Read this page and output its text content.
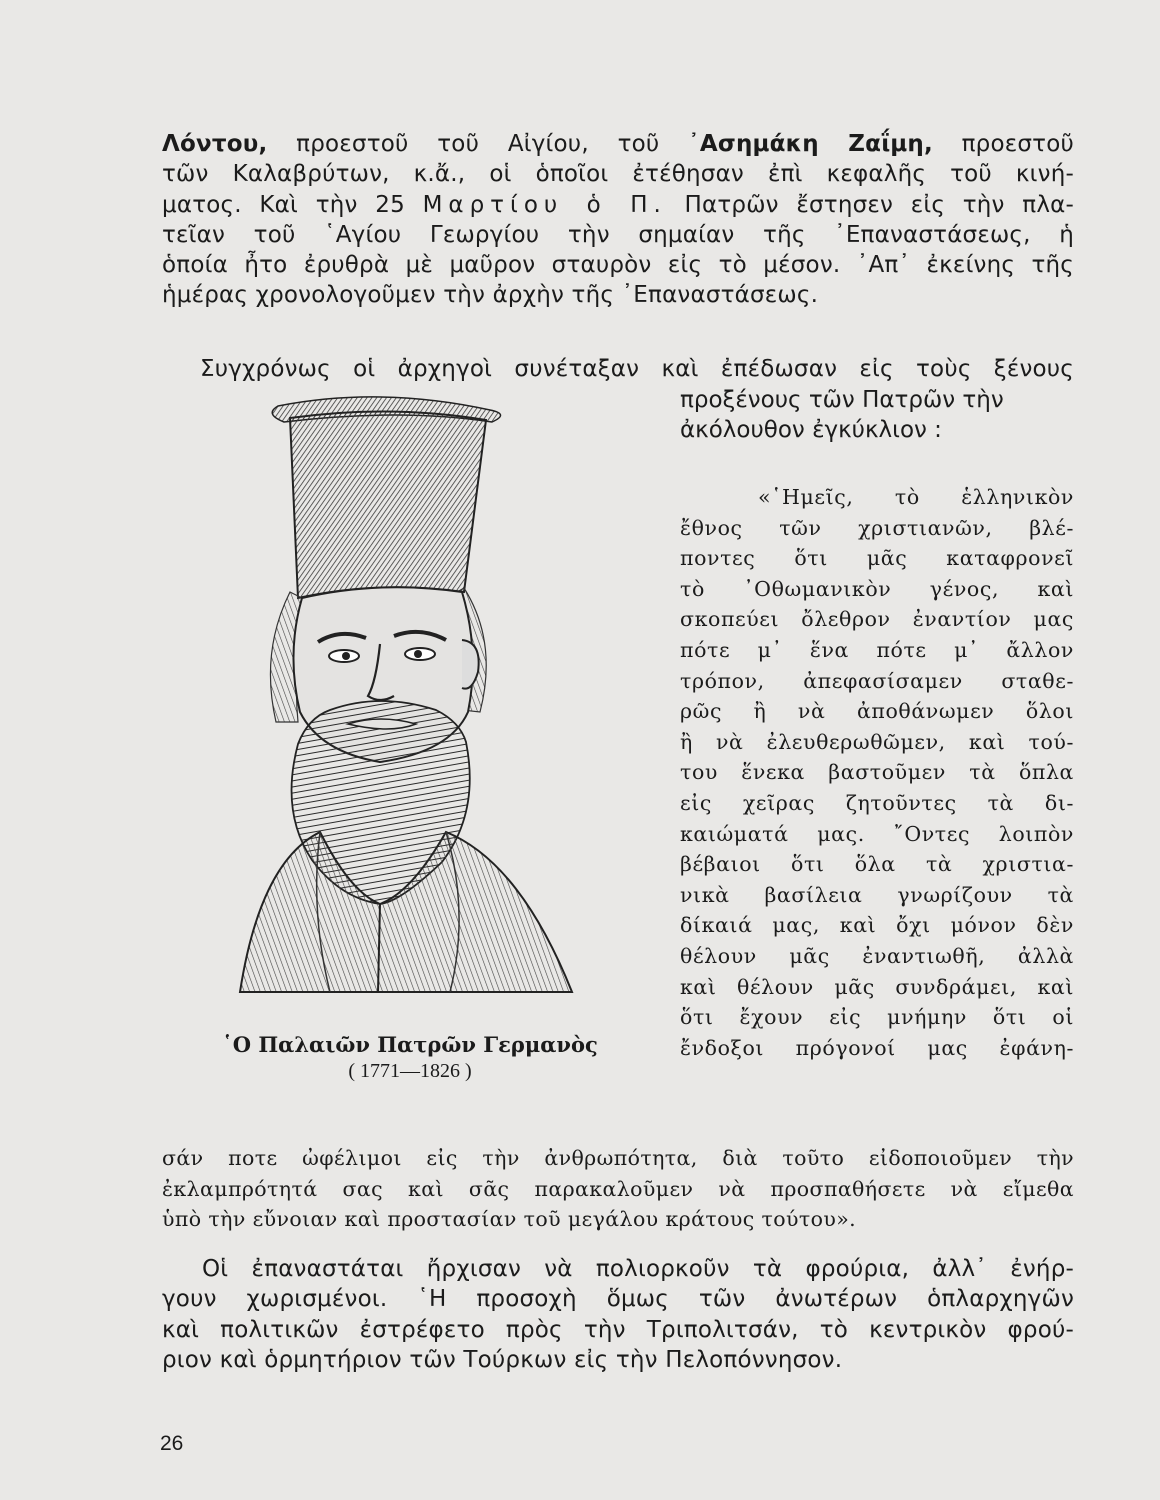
Λόντου, προεστοῦ τοῦ Αἰγίου, τοῦ ᾿Ασημάκη Ζαΐμη, προεστοῦ
τῶν Καλαβρύτων, κ.ἄ., οἱ ὁποῖοι ἐτέθησαν ἐπὶ κεφαλῆς τοῦ κινή-
ματος. Καὶ τὴν 25 Μαρτίου ὁ Π. Πατρῶν ἔστησεν εἰς τὴν πλα-
τεῖαν τοῦ ῾Αγίου Γεωργίου τὴν σημαίαν τῆς ᾿Επαναστάσεως, ἡ
ὁποία ἦτο ἐρυθρὰ μὲ μαῦρον σταυρὸν εἰς τὸ μέσον. ᾿Απ᾿ ἐκείνης τῆς
ἡμέρας χρονολογοῦμεν τὴν ἀρχὴν τῆς ᾿Επαναστάσεως.
Συγχρόνως οἱ ἀρχηγοὶ συνέταξαν καὶ ἐπέδωσαν εἰς τοὺς ξένους
προξένους τῶν Πατρῶν τὴν
ἀκόλουθον ἐγκύκλιον :
῾Ο Παλαιῶν Πατρῶν Γερμανὸς
( 1771—1826 )
«῾Ημεῖς, τὸ ἑλληνικὸν
ἔθνος τῶν χριστιανῶν, βλέ-
ποντες ὅτι μᾶς καταφρονεῖ
τὸ ᾿Οθωμανικὸν γένος, καὶ
σκοπεύει ὄλεθρον ἐναντίον μας
πότε μ᾿ ἕνα πότε μ᾿ ἄλλον
τρόπον, ἀπεφασίσαμεν σταθε-
ρῶς ἢ νὰ ἀποθάνωμεν ὅλοι
ἢ νὰ ἐλευθερωθῶμεν, καὶ τού-
του ἕνεκα βαστοῦμεν τὰ ὅπλα
εἰς χεῖρας ζητοῦντες τὰ δι-
καιώματά μας. ῎Οντες λοιπὸν
βέβαιοι ὅτι ὅλα τὰ χριστια-
νικὰ βασίλεια γνωρίζουν τὰ
δίκαιά μας, καὶ ὄχι μόνον δὲν
θέλουν μᾶς ἐναντιωθῆ, ἀλλὰ
καὶ θέλουν μᾶς συνδράμει, καὶ
ὅτι ἔχουν εἰς μνήμην ὅτι οἱ
ἔνδοξοι πρόγονοί μας ἐφάνη-
σάν ποτε ὠφέλιμοι εἰς τὴν ἀνθρωπότητα, διὰ τοῦτο εἰδοποιοῦμεν τὴν
ἐκλαμπρότητά σας καὶ σᾶς παρακαλοῦμεν νὰ προσπαθήσετε νὰ εἴμεθα
ὑπὸ τὴν εὔνοιαν καὶ προστασίαν τοῦ μεγάλου κράτους τούτου».
Οἱ ἐπαναστάται ἤρχισαν νὰ πολιορκοῦν τὰ φρούρια, ἀλλ᾿ ἐνήρ-
γουν χωρισμένοι. ῾Η προσοχὴ ὅμως τῶν ἀνωτέρων ὁπλαρχηγῶν
καὶ πολιτικῶν ἐστρέφετο πρὸς τὴν Τριπολιτσάν, τὸ κεντρικὸν φρού-
ριον καὶ ὁρμητήριον τῶν Τούρκων εἰς τὴν Πελοπόννησον.
26
